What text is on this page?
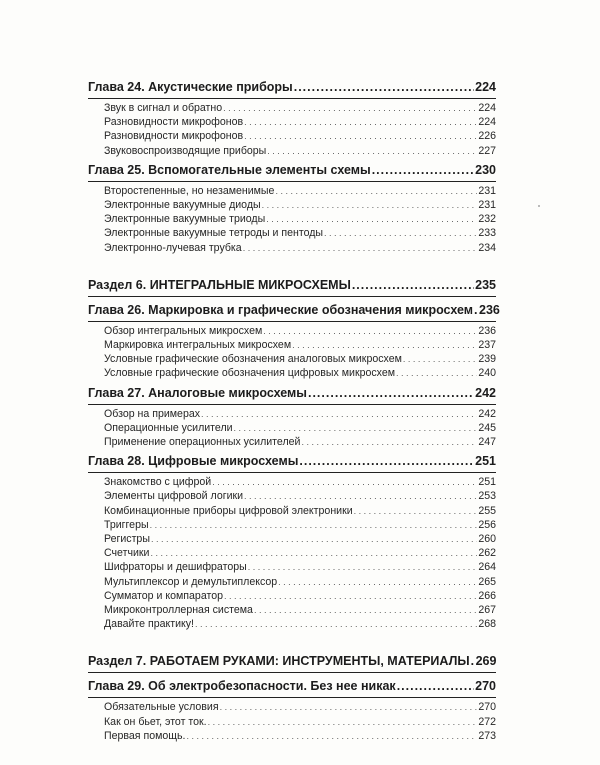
Глава 24. Акустические приборы .....	224
Звук в сигнал и обратно . . .	224
Разновидности микрофонов . . .	224
Разновидности микрофонов . . .	226
Звуковоспроизводящие приборы . . .	227
Глава 25. Вспомогательные элементы схемы .....	230
Второстепенные, но незаменимые . . .	231
Электронные вакуумные диоды . . .	231
Электронные вакуумные триоды . . .	232
Электронные вакуумные тетроды и пентоды . . .	233
Электронно-лучевая трубка . . .	234
Раздел 6. ИНТЕГРАЛЬНЫЕ МИКРОСХЕМЫ .....	235
Глава 26. Маркировка и графические обозначения микросхем ..... 236
Обзор интегральных микросхем . . .	236
Маркировка интегральных микросхем . . .	237
Условные графические обозначения аналоговых микросхем . . .	239
Условные графические обозначения цифровых микросхем . . .	240
Глава 27. Аналоговые микросхемы .....	242
Обзор на примерах . . .	242
Операционные усилители . . .	245
Применение операционных усилителей . . .	247
Глава 28. Цифровые микросхемы .....	251
Знакомство с цифрой . . .	251
Элементы цифровой логики . . .	253
Комбинационные приборы цифровой электроники . . .	255
Триггеры . . .	256
Регистры . . .	260
Счетчики . . .	262
Шифраторы и дешифраторы . . .	264
Мультиплексор и демультиплексор . . .	265
Сумматор и компаратор . . .	266
Микроконтроллерная система . . .	267
Давайте практику! . . .	268
Раздел 7. РАБОТАЕМ РУКАМИ: ИНСТРУМЕНТЫ, МАТЕРИАЛЫ ..... 269
Глава 29. Об электробезопасности. Без нее никак .....	270
Обязательные условия . . .	270
Как он бьет, этот ток. . . .	272
Первая помощь. . . .	273
